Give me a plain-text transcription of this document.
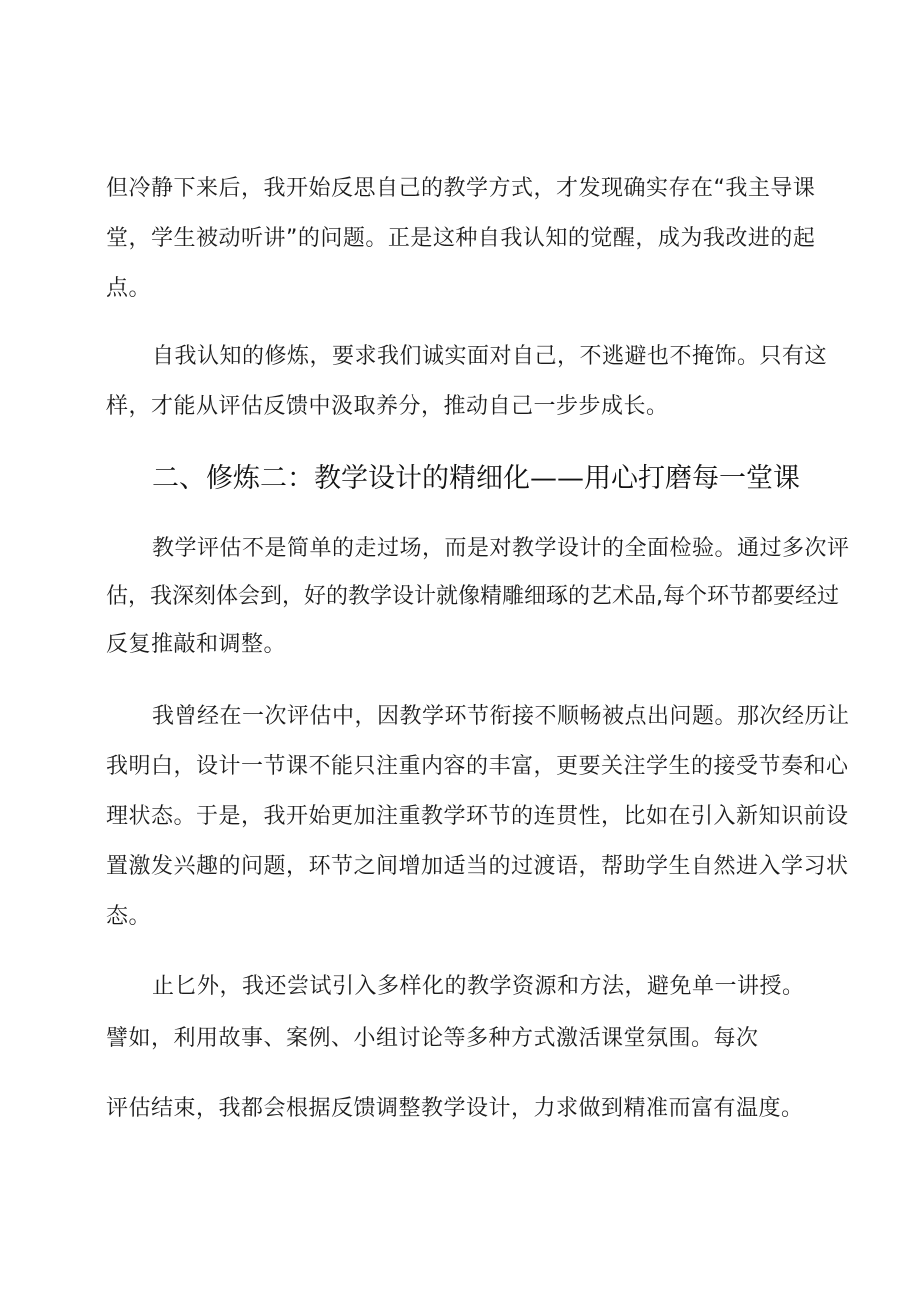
但冷静下来后，我开始反思自己的教学方式，才发现确实存在“我主导课
堂，学生被动听讲”的问题。正是这种自我认知的觉醒，成为我改进的起
点。
自我认知的修炼，要求我们诚实面对自己，不逃避也不掩饰。只有这
样，才能从评估反馈中汲取养分，推动自己一步步成长。
二、修炼二：教学设计的精细化——用心打磨每一堂课
教学评估不是简单的走过场，而是对教学设计的全面检验。通过多次评
估，我深刻体会到，好的教学设计就像精雕细琢的艺术品,每个环节都要经过
反复推敲和调整。
我曾经在一次评估中，因教学环节衔接不顺畅被点出问题。那次经历让
我明白，设计一节课不能只注重内容的丰富，更要关注学生的接受节奏和心
理状态。于是，我开始更加注重教学环节的连贯性，比如在引入新知识前设
置激发兴趣的问题，环节之间增加适当的过渡语，帮助学生自然进入学习状
态。
止匕外，我还尝试引入多样化的教学资源和方法，避免单一讲授。
譬如，利用故事、案例、小组讨论等多种方式激活课堂氛围。每次
评估结束，我都会根据反馈调整教学设计，力求做到精准而富有温度。
